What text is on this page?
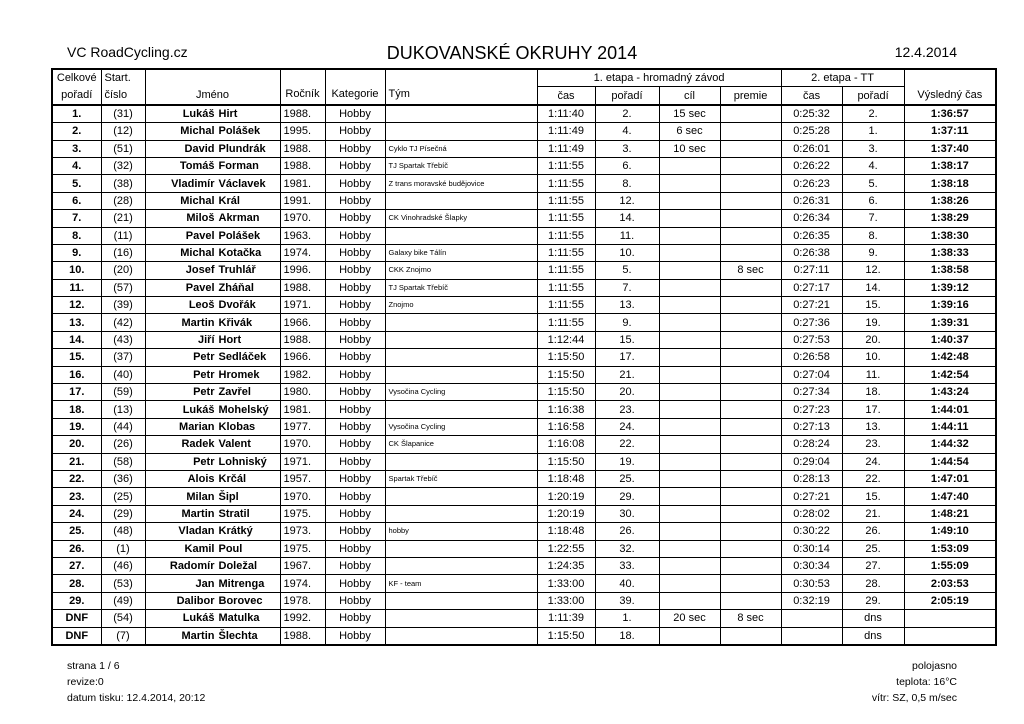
VC RoadCycling.cz	DUKOVANSKÉ OKRUHY 2014	12.4.2014
Celkové	Start.					1. etapa - hromadný závod				2. etapa - TT		
pořadí	číslo	Jméno	Ročník	Kategorie	Tým	čas	pořadí	cíl	premie	čas	pořadí	Výsledný čas
1.	(31)	Lukáš Hirt	1988.	Hobby		1:11:40	2.	15 sec		0:25:32	2.	1:36:57
2.	(12)	Michal Polášek	1995.	Hobby		1:11:49	4.	6 sec		0:25:28	1.	1:37:11
3.	(51)	David Plundrák	1988.	Hobby	Cyklo TJ Písečná	1:11:49	3.	10 sec		0:26:01	3.	1:37:40
4.	(32)	Tomáš Forman	1988.	Hobby	TJ Spartak Třebíč	1:11:55	6.			0:26:22	4.	1:38:17
5.	(38)	Vladimír Václavek	1981.	Hobby	Z trans moravské budějovice	1:11:55	8.			0:26:23	5.	1:38:18
6.	(28)	Michal Král	1991.	Hobby		1:11:55	12.			0:26:31	6.	1:38:26
7.	(21)	Miloš Akrman	1970.	Hobby	CK Vinohradské Šlapky	1:11:55	14.			0:26:34	7.	1:38:29
8.	(11)	Pavel Polášek	1963.	Hobby		1:11:55	11.			0:26:35	8.	1:38:30
9.	(16)	Michal Kotačka	1974.	Hobby	Galaxy bike Tálín	1:11:55	10.			0:26:38	9.	1:38:33
10.	(20)	Josef Truhlář	1996.	Hobby	CKK Znojmo	1:11:55	5.		8 sec	0:27:11	12.	1:38:58
11.	(57)	Pavel Zháňal	1988.	Hobby	TJ Spartak Třebíč	1:11:55	7.			0:27:17	14.	1:39:12
12.	(39)	Leoš Dvořák	1971.	Hobby	Znojmo	1:11:55	13.			0:27:21	15.	1:39:16
13.	(42)	Martin Křivák	1966.	Hobby		1:11:55	9.			0:27:36	19.	1:39:31
14.	(43)	Jiří Hort	1988.	Hobby		1:12:44	15.			0:27:53	20.	1:40:37
15.	(37)	Petr Sedláček	1966.	Hobby		1:15:50	17.			0:26:58	10.	1:42:48
16.	(40)	Petr Hromek	1982.	Hobby		1:15:50	21.			0:27:04	11.	1:42:54
17.	(59)	Petr Zavřel	1980.	Hobby	Vysočina Cycling	1:15:50	20.			0:27:34	18.	1:43:24
18.	(13)	Lukáš Mohelský	1981.	Hobby		1:16:38	23.			0:27:23	17.	1:44:01
19.	(44)	Marian Klobas	1977.	Hobby	Vysočina Cycling	1:16:58	24.			0:27:13	13.	1:44:11
20.	(26)	Radek Valent	1970.	Hobby	CK Šlapanice	1:16:08	22.			0:28:24	23.	1:44:32
21.	(58)	Petr Lohniský	1971.	Hobby		1:15:50	19.			0:29:04	24.	1:44:54
22.	(36)	Alois Krčál	1957.	Hobby	Spartak Třebíč	1:18:48	25.			0:28:13	22.	1:47:01
23.	(25)	Milan Šipl	1970.	Hobby		1:20:19	29.			0:27:21	15.	1:47:40
24.	(29)	Martin Stratil	1975.	Hobby		1:20:19	30.			0:28:02	21.	1:48:21
25.	(48)	Vladan Krátký	1973.	Hobby	hobby	1:18:48	26.			0:30:22	26.	1:49:10
26.	(1)	Kamil Poul	1975.	Hobby		1:22:55	32.			0:30:14	25.	1:53:09
27.	(46)	Radomír Doležal	1967.	Hobby		1:24:35	33.			0:30:34	27.	1:55:09
28.	(53)	Jan Mitrenga	1974.	Hobby	KF - team	1:33:00	40.			0:30:53	28.	2:03:53
29.	(49)	Dalibor Borovec	1978.	Hobby		1:33:00	39.			0:32:19	29.	2:05:19
DNF	(54)	Lukáš Matulka	1992.	Hobby		1:11:39	1.	20 sec	8 sec		dns	
DNF	(7)	Martin Šlechta	1988.	Hobby		1:15:50	18.				dns	
strana 1 / 6
revize:0
datum tisku: 12.4.2014, 20:12
polojasno
teplota: 16°C
vítr: SZ, 0,5 m/sec
